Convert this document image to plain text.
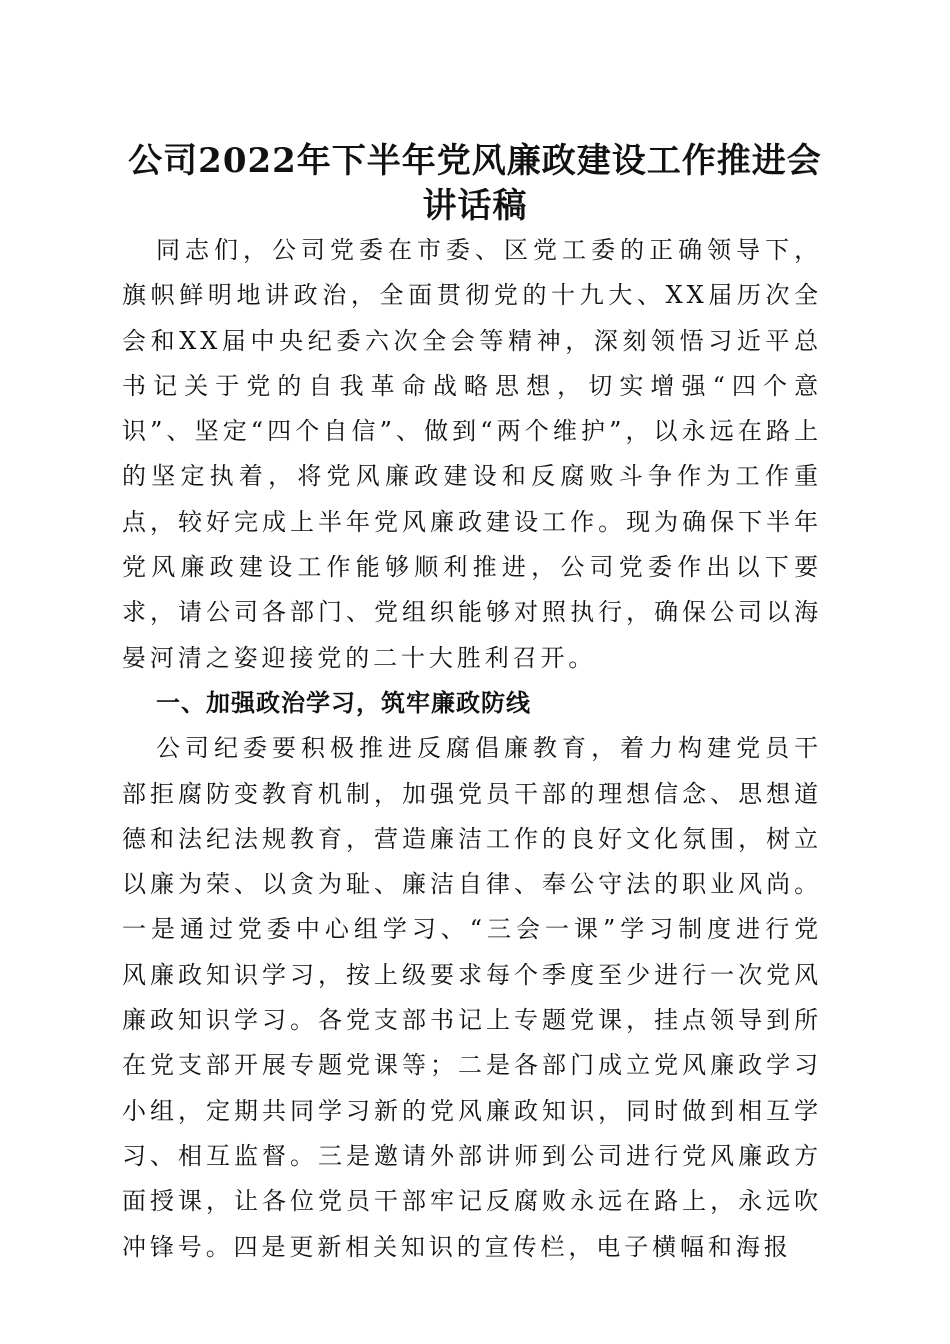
公司2022年下半年党风廉政建设工作推进会
讲话稿

同志们，公司党委在市委、区党工委的正确领导下，旗帜鲜明地讲政治，全面贯彻党的十九大、XX届历次全会和XX届中央纪委六次全会等精神，深刻领悟习近平总书记关于党的自我革命战略思想，切实增强“四个意识”、坚定“四个自信”、做到“两个维护”，以永远在路上的坚定执着，将党风廉政建设和反腐败斗争作为工作重点，较好完成上半年党风廉政建设工作。现为确保下半年党风廉政建设工作能够顺利推进，公司党委作出以下要求，请公司各部门、党组织能够对照执行，确保公司以海晏河清之姿迎接党的二十大胜利召开。

一、加强政治学习，筑牢廉政防线

公司纪委要积极推进反腐倡廉教育，着力构建党员干部拒腐防变教育机制，加强党员干部的理想信念、思想道德和法纪法规教育，营造廉洁工作的良好文化氛围，树立以廉为荣、以贪为耻、廉洁自律、奉公守法的职业风尚。一是通过党委中心组学习、“三会一课”学习制度进行党风廉政知识学习，按上级要求每个季度至少进行一次党风廉政知识学习。各党支部书记上专题党课，挂点领导到所在党支部开展专题党课等；二是各部门成立党风廉政学习小组，定期共同学习新的党风廉政知识，同时做到相互学习、相互监督。三是邀请外部讲师到公司进行党风廉政方面授课，让各位党员干部牢记反腐败永远在路上，永远吹冲锋号。四是更新相关知识的宣传栏，电子横幅和海报
